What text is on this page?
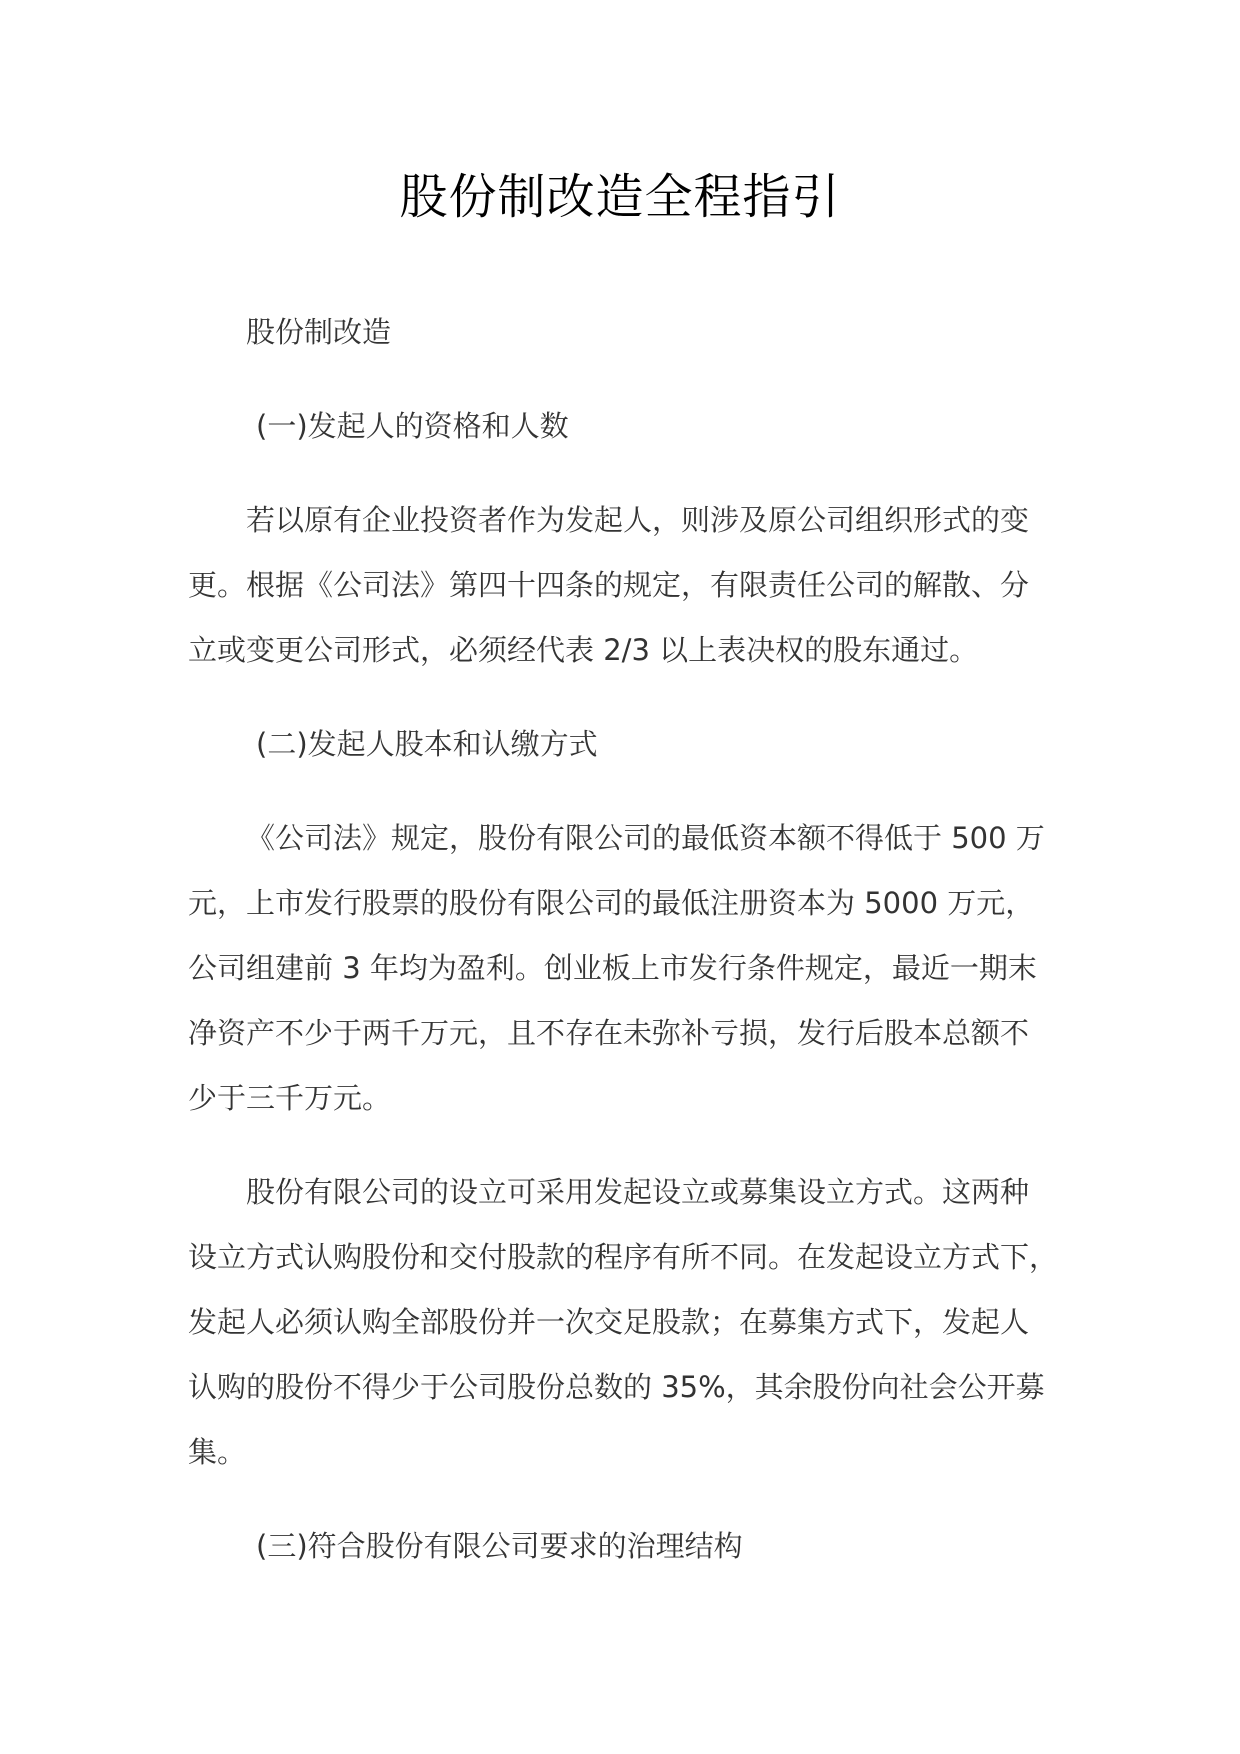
股份制改造全程指引

股份制改造

(一)发起人的资格和人数

若以原有企业投资者作为发起人，则涉及原公司组织形式的变
更。根据《公司法》第四十四条的规定，有限责任公司的解散、分
立或变更公司形式，必须经代表 2/3 以上表决权的股东通过。

(二)发起人股本和认缴方式

《公司法》规定，股份有限公司的最低资本额不得低于 500 万
元，上市发行股票的股份有限公司的最低注册资本为 5000 万元，
公司组建前 3 年均为盈利。创业板上市发行条件规定，最近一期末
净资产不少于两千万元，且不存在未弥补亏损，发行后股本总额不
少于三千万元。

股份有限公司的设立可采用发起设立或募集设立方式。这两种
设立方式认购股份和交付股款的程序有所不同。在发起设立方式下，
发起人必须认购全部股份并一次交足股款；在募集方式下，发起人
认购的股份不得少于公司股份总数的 35%，其余股份向社会公开募
集。

(三)符合股份有限公司要求的治理结构
